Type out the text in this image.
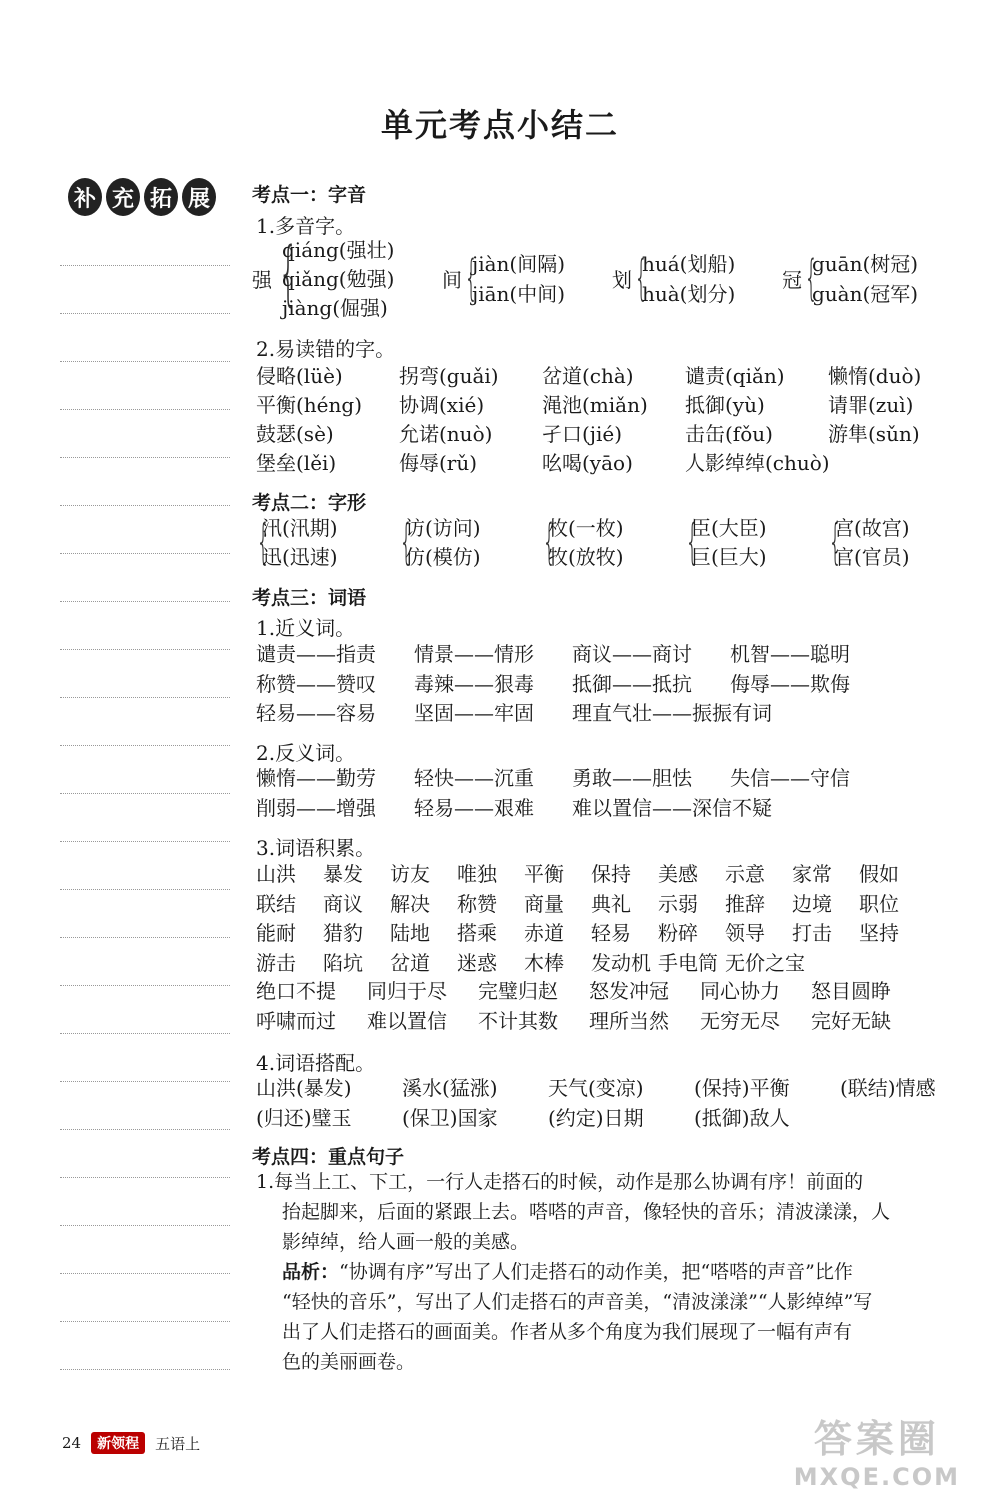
单元考点小结二
补 充 拓 展	考点一：字音
1.多音字。
强 {
qiáng(强壮)
qiǎng(勉强)
jiàng(倔强)
间 {
jiàn(间隔)
jiān(中间)
划 {
huá(划船)
huà(划分)
冠 {
guān(树冠)
guàn(冠军)
2.易读错的字。
侵略(lüè)	拐弯(guǎi)	岔道(chà)	谴责(qiǎn)	懒惰(duò)
平衡(héng)	协调(xié)	渑池(miǎn)	抵御(yù)	请罪(zuì)
鼓瑟(sè)	允诺(nuò)	孑口(jié)	击缶(fǒu)	游隼(sǔn)
堡垒(lěi)	侮辱(rǔ)	吆喝(yāo)	人影绰绰(chuò)
考点二：字形
{
汛(汛期)
迅(迅速) {
访(访问)
仿(模仿) {
枚(一枚)
牧(放牧) {
臣(大臣)
巨(巨大) {
宫(故宫)
官(官员)
考点三：词语
1.近义词。
谴责——指责	情景——情形	商议——商讨	机智——聪明
称赞——赞叹	毒辣——狠毒	抵御——抵抗	侮辱——欺侮
轻易——容易	坚固——牢固	理直气壮——振振有词
2.反义词。
懒惰——勤劳	轻快——沉重	勇敢——胆怯	失信——守信
削弱——增强	轻易——艰难	难以置信——深信不疑
3.词语积累。
山洪	暴发	访友	唯独	平衡	保持	美感	示意	家常	假如
联结	商议	解决	称赞	商量	典礼	示弱	推辞	边境	职位
能耐	猎豹	陆地	搭乘	赤道	轻易	粉碎	领导	打击	坚持
游击	陷坑	岔道	迷惑	木棒	发动机 手电筒 无价之宝
绝口不提	同归于尽	完璧归赵	怒发冲冠	同心协力	怒目圆睁
呼啸而过	难以置信	不计其数	理所当然	无穷无尽	完好无缺
4.词语搭配。
山洪(暴发)	溪水(猛涨)	天气(变凉)	(保持)平衡	(联结)情感
(归还)璧玉	(保卫)国家	(约定)日期	(抵御)敌人
考点四：重点句子
1.每当上工、下工，一行人走搭石的时候，动作是那么协调有序！前面的
抬起脚来，后面的紧跟上去。嗒嗒的声音，像轻快的音乐；清波漾漾，人
影绰绰，给人画一般的美感。
品析：“协调有序”写出了人们走搭石的动作美，把“嗒嗒的声音”比作
“轻快的音乐”，写出了人们走搭石的声音美，“清波漾漾”“人影绰绰”写
出了人们走搭石的画面美。作者从多个角度为我们展现了一幅有声有
色的美丽画卷。
24	新领程	五语上	答案圈
MXQE.COM
